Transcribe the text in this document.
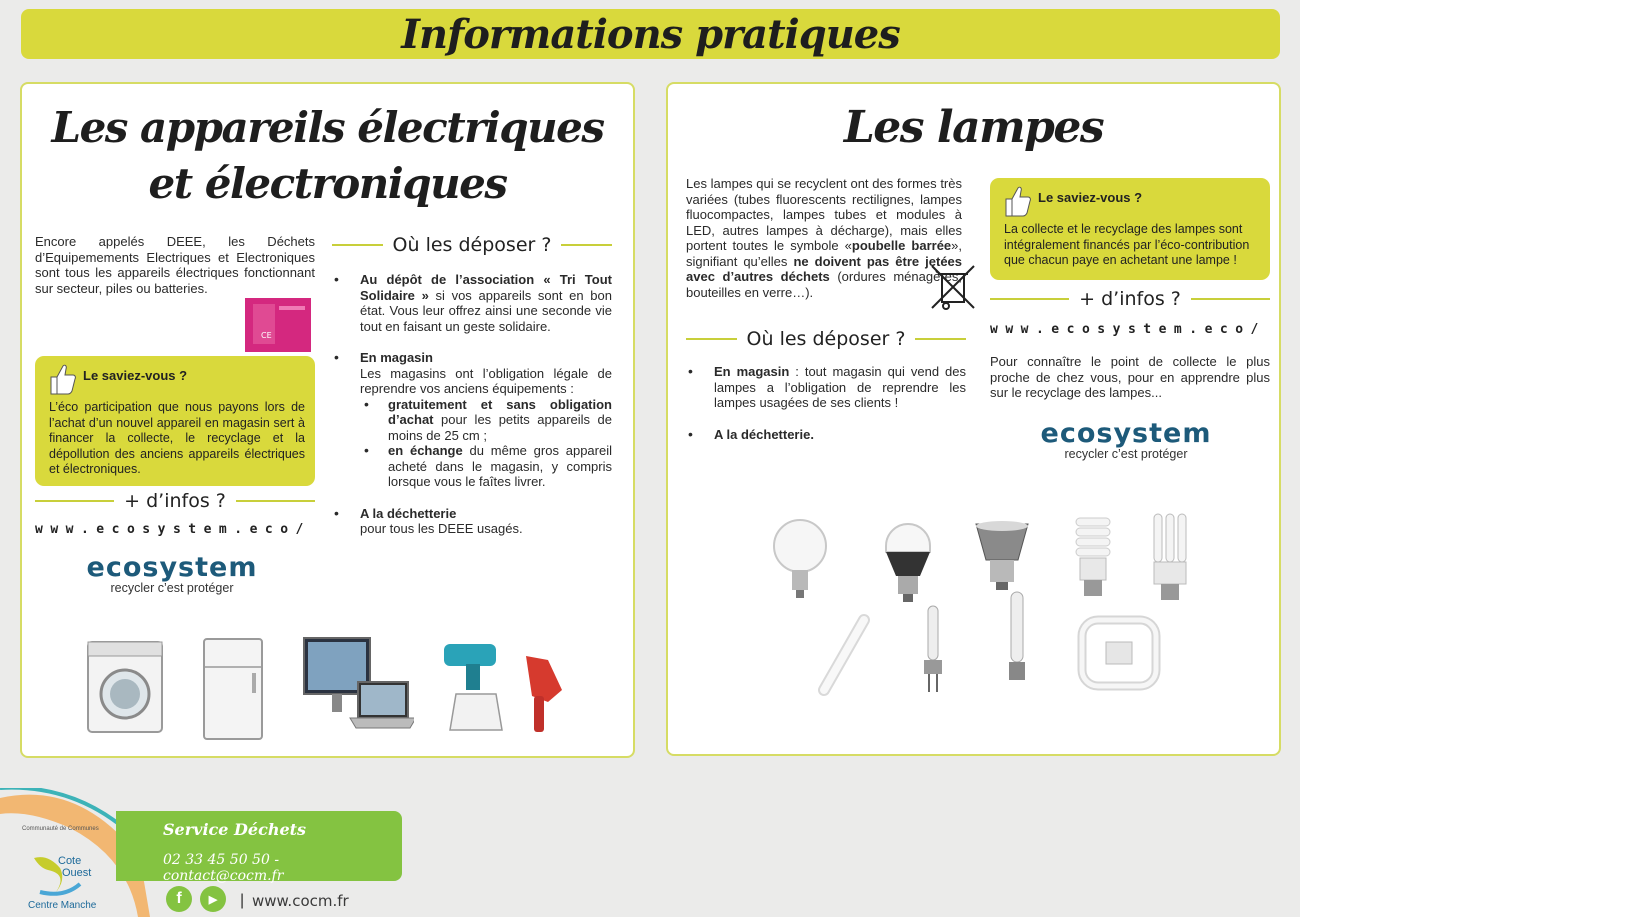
Informations pratiques
Les appareils électriques
et électroniques

Encore appelés DEEE, les Déchets d’Equipemements Electriques et Electroniques sont tous les appareils électriques fonctionnant sur secteur, piles ou batteries.

CE
Le saviez-vous ?
L’éco participation que nous payons lors de l’achat d’un nouvel appareil en magasin sert à financer la collecte, le recyclage et la dépollution des anciens appareils électriques et électroniques.
+ d’infos ?
www.ecosystem.eco/
ecosystem
recycler c’est protéger
Où les déposer ?
• Au dépôt de l’association « Tri Tout Solidaire » si vos appareils sont en bon état. Vous leur offrez ainsi une seconde vie tout en faisant un geste solidaire.
• En magasin
Les magasins ont l’obligation légale de reprendre vos anciens équipements :
• gratuitement et sans obligation d’achat pour les petits appareils de moins de 25 cm ;
• en échange du même gros appareil acheté dans le magasin, y compris lorsque vous le faîtes livrer.
• A la déchetterie
pour tous les DEEE usagés.
Les lampes

Les lampes qui se recyclent ont des formes très variées (tubes fluorescents rectilignes, lampes fluocompactes, lampes tubes et modules à LED, autres lampes à décharge), mais elles portent toutes le symbole «poubelle barrée», signifiant qu’elles ne doivent pas être jetées avec d’autres déchets (ordures ménagères, bouteilles en verre…).

Le saviez-vous ?
La collecte et le recyclage des lampes sont intégralement financés par l’éco-contribution que chacun paye en achetant une lampe !
+ d’infos ?
www.ecosystem.eco/

Pour connaître le point de collecte le plus proche de chez vous, pour en apprendre plus sur le recyclage des lampes...

ecosystem
recycler c’est protéger
Où les déposer ?
• En magasin : tout magasin qui vend des lampes a l’obligation de reprendre les lampes usagées de ses clients !
• A la déchetterie.
Communauté de Communes
Cote
Ouest
Centre Manche
Service Déchets
02 33 45 50 50 - contact@cocm.fr
f	▶	| www.cocm.fr
